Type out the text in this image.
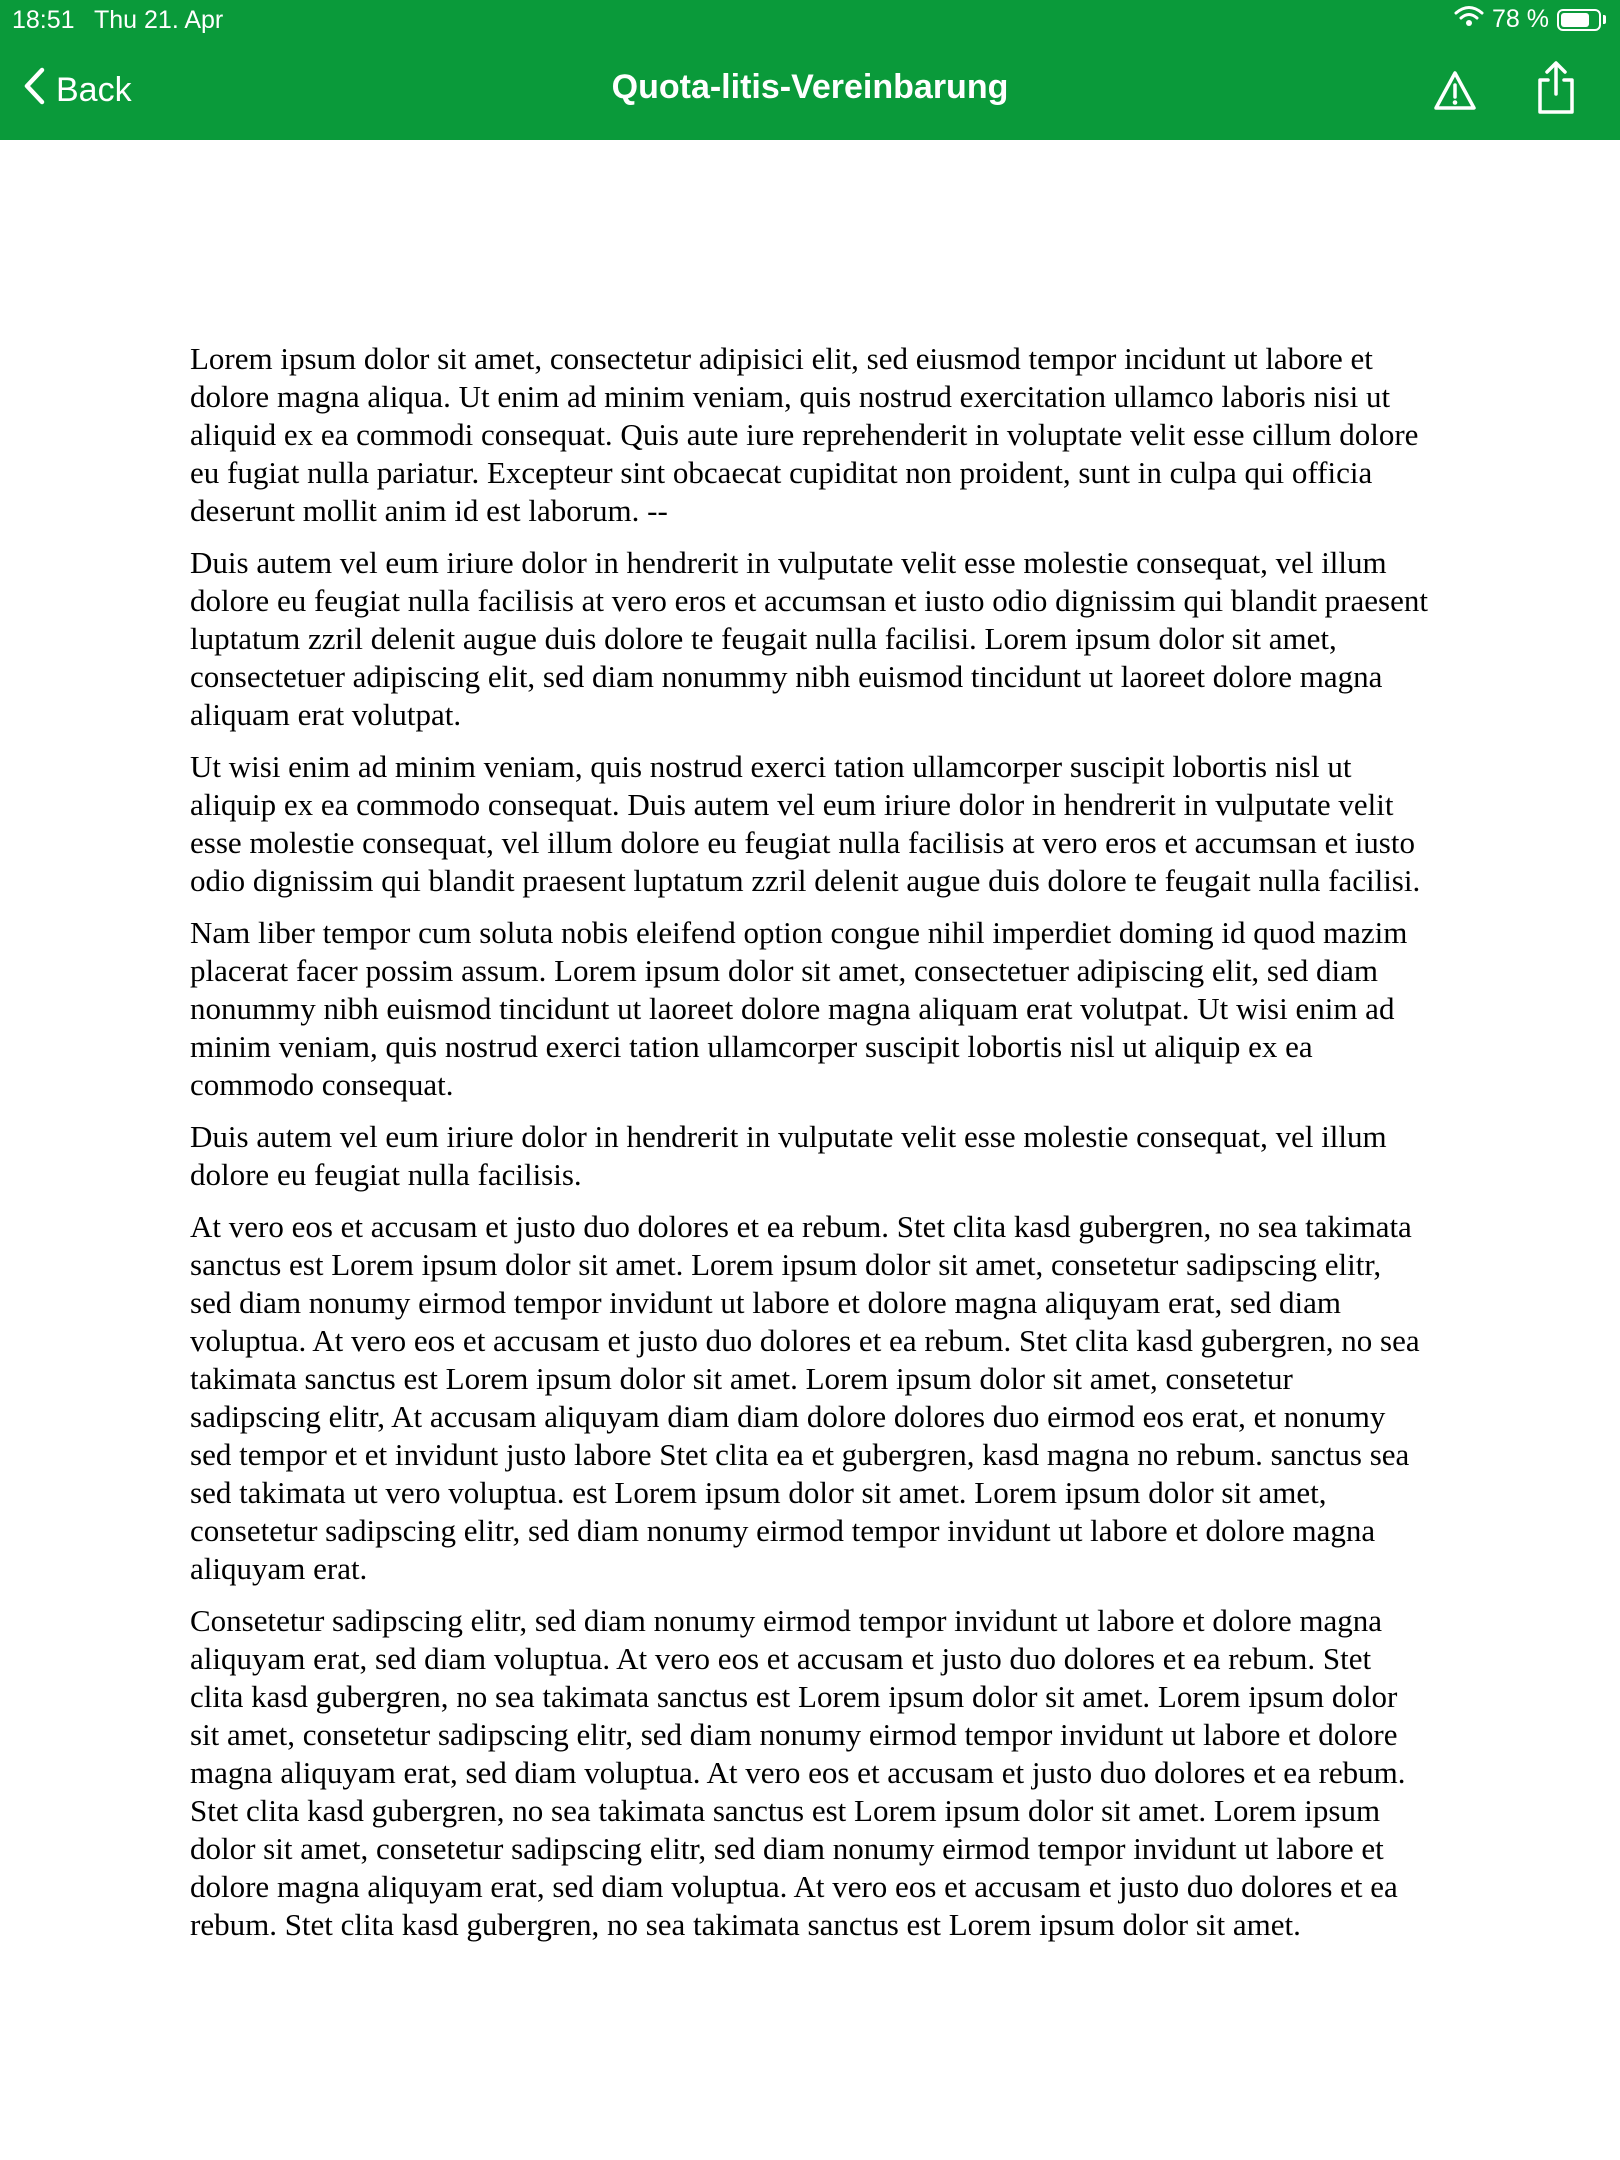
18:51 Thu 21. Apr	78 %
Back	Quota-litis-Vereinbarung

Lorem ipsum dolor sit amet, consectetur adipisici elit, sed eiusmod tempor incidunt ut labore et dolore magna aliqua. Ut enim ad minim veniam, quis nostrud exercitation ullamco laboris nisi ut aliquid ex ea commodi consequat. Quis aute iure reprehenderit in voluptate velit esse cillum dolore eu fugiat nulla pariatur. Excepteur sint obcaecat cupiditat non proident, sunt in culpa qui officia deserunt mollit anim id est laborum. --

Duis autem vel eum iriure dolor in hendrerit in vulputate velit esse molestie consequat, vel illum dolore eu feugiat nulla facilisis at vero eros et accumsan et iusto odio dignissim qui blandit praesent luptatum zzril delenit augue duis dolore te feugait nulla facilisi. Lorem ipsum dolor sit amet, consectetuer adipiscing elit, sed diam nonummy nibh euismod tincidunt ut laoreet dolore magna aliquam erat volutpat.

Ut wisi enim ad minim veniam, quis nostrud exerci tation ullamcorper suscipit lobortis nisl ut aliquip ex ea commodo consequat. Duis autem vel eum iriure dolor in hendrerit in vulputate velit esse molestie consequat, vel illum dolore eu feugiat nulla facilisis at vero eros et accumsan et iusto odio dignissim qui blandit praesent luptatum zzril delenit augue duis dolore te feugait nulla facilisi.

Nam liber tempor cum soluta nobis eleifend option congue nihil imperdiet doming id quod mazim placerat facer possim assum. Lorem ipsum dolor sit amet, consectetuer adipiscing elit, sed diam nonummy nibh euismod tincidunt ut laoreet dolore magna aliquam erat volutpat. Ut wisi enim ad minim veniam, quis nostrud exerci tation ullamcorper suscipit lobortis nisl ut aliquip ex ea commodo consequat.

Duis autem vel eum iriure dolor in hendrerit in vulputate velit esse molestie consequat, vel illum dolore eu feugiat nulla facilisis.

At vero eos et accusam et justo duo dolores et ea rebum. Stet clita kasd gubergren, no sea takimata sanctus est Lorem ipsum dolor sit amet. Lorem ipsum dolor sit amet, consetetur sadipscing elitr, sed diam nonumy eirmod tempor invidunt ut labore et dolore magna aliquyam erat, sed diam voluptua. At vero eos et accusam et justo duo dolores et ea rebum. Stet clita kasd gubergren, no sea takimata sanctus est Lorem ipsum dolor sit amet. Lorem ipsum dolor sit amet, consetetur sadipscing elitr, At accusam aliquyam diam diam dolore dolores duo eirmod eos erat, et nonumy sed tempor et et invidunt justo labore Stet clita ea et gubergren, kasd magna no rebum. sanctus sea sed takimata ut vero voluptua. est Lorem ipsum dolor sit amet. Lorem ipsum dolor sit amet, consetetur sadipscing elitr, sed diam nonumy eirmod tempor invidunt ut labore et dolore magna aliquyam erat.

Consetetur sadipscing elitr, sed diam nonumy eirmod tempor invidunt ut labore et dolore magna aliquyam erat, sed diam voluptua. At vero eos et accusam et justo duo dolores et ea rebum. Stet clita kasd gubergren, no sea takimata sanctus est Lorem ipsum dolor sit amet. Lorem ipsum dolor sit amet, consetetur sadipscing elitr, sed diam nonumy eirmod tempor invidunt ut labore et dolore magna aliquyam erat, sed diam voluptua. At vero eos et accusam et justo duo dolores et ea rebum. Stet clita kasd gubergren, no sea takimata sanctus est Lorem ipsum dolor sit amet. Lorem ipsum dolor sit amet, consetetur sadipscing elitr, sed diam nonumy eirmod tempor invidunt ut labore et dolore magna aliquyam erat, sed diam voluptua. At vero eos et accusam et justo duo dolores et ea rebum. Stet clita kasd gubergren, no sea takimata sanctus est Lorem ipsum dolor sit amet.
